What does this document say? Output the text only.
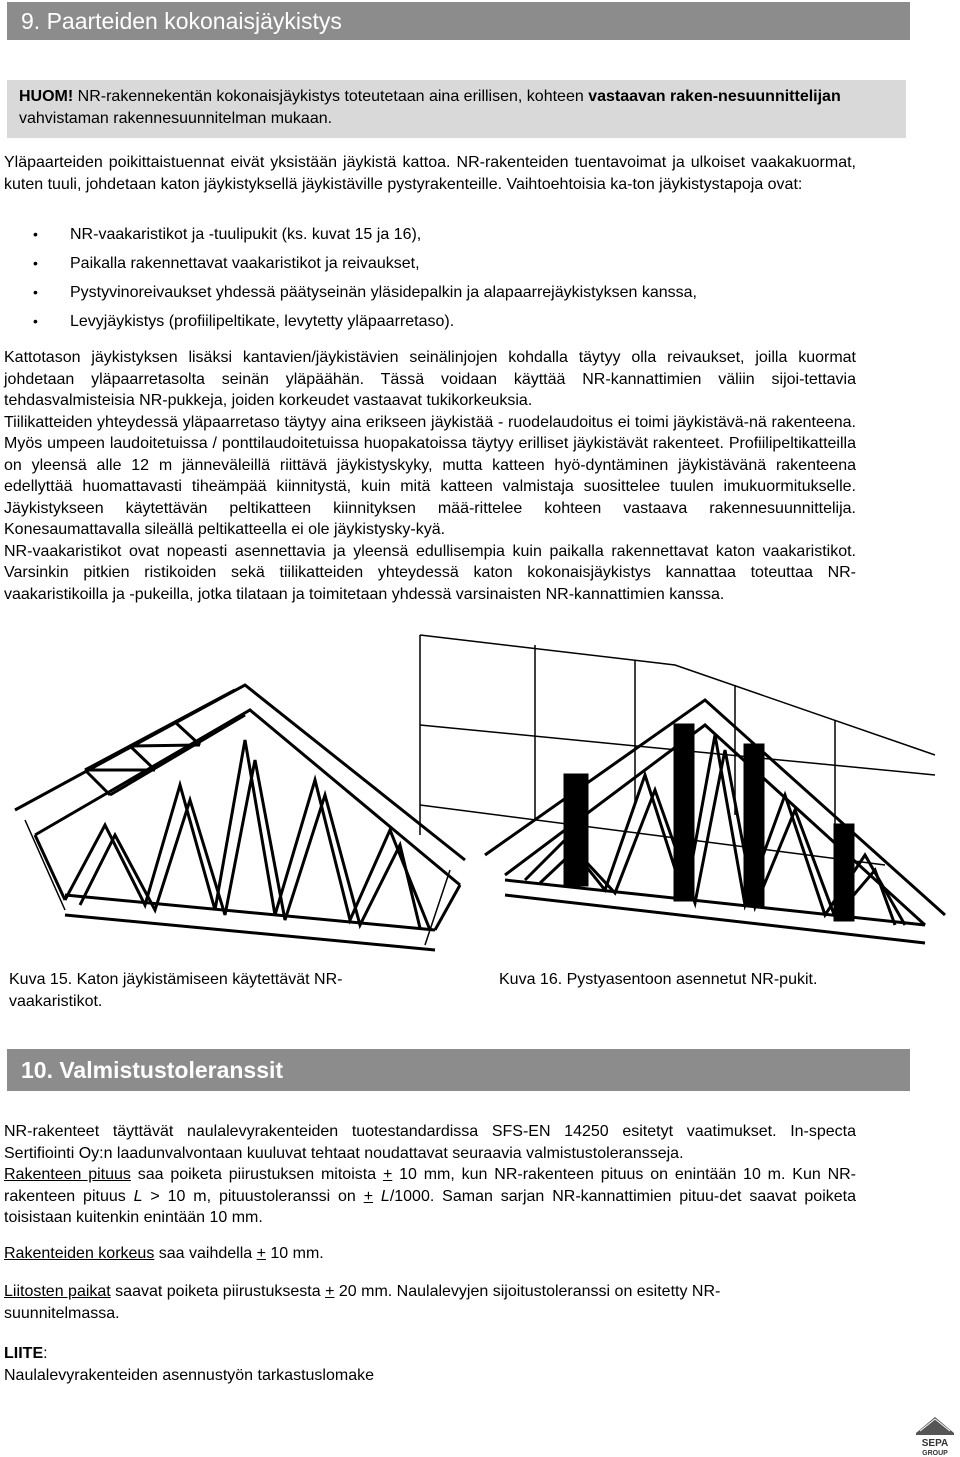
9. Paarteiden kokonaisjäykistys
HUOM! NR-rakennekentän kokonaisjäykistys toteutetaan aina erillisen, kohteen vastaavan raken-nesuunnittelijan vahvistaman rakennesuunnitelman mukaan.
Yläpaarteiden poikittaistuennat eivät yksistään jäykistä kattoa. NR-rakenteiden tuentavoimat ja ulkoiset vaakakuormat, kuten tuuli, johdetaan katon jäykistyksellä jäykistäville pystyrakenteille. Vaihtoehtoisia ka-ton jäykistystapoja ovat:
• NR-vaakaristikot ja -tuulipukit (ks. kuvat 15 ja 16),
• Paikalla rakennettavat vaakaristikot ja reivaukset,
• Pystyvinoreivaukset yhdessä päätyseinän yläsidepalkin ja alapaarrejäykistyksen kanssa,
• Levyjäykistys (profiilipeltikate, levytetty yläpaarretaso).

Kattotason jäykistyksen lisäksi kantavien/jäykistävien seinälinjojen kohdalla täytyy olla reivaukset, joilla kuormat johdetaan yläpaarretasolta seinän yläpäähän. Tässä voidaan käyttää NR-kannattimien väliin sijoi-tettavia tehdasvalmisteisia NR-pukkeja, joiden korkeudet vastaavat tukikorkeuksia.

Tiilikatteiden yhteydessä yläpaarretaso täytyy aina erikseen jäykistää - ruodelaudoitus ei toimi jäykistävä-nä rakenteena. Myös umpeen laudoitetuissa / ponttilaudoitetuissa huopakatoissa täytyy erilliset jäykistävät rakenteet. Profiilipeltikatteilla on yleensä alle 12 m jänneväleillä riittävä jäykistyskyky, mutta katteen hyö-dyntäminen jäykistävänä rakenteena edellyttää huomattavasti tiheämpää kiinnitystä, kuin mitä katteen valmistaja suosittelee tuulen imukuormitukselle. Jäykistykseen käytettävän peltikatteen kiinnityksen mää-rittelee kohteen vastaava rakennesuunnittelija. Konesaumattavalla sileällä peltikatteella ei ole jäykistysky-kyä.

NR-vaakaristikot ovat nopeasti asennettavia ja yleensä edullisempia kuin paikalla rakennettavat katon vaakaristikot. Varsinkin pitkien ristikoiden sekä tiilikatteiden yhteydessä katon kokonaisjäykistys kannattaa toteuttaa NR-vaakaristikoilla ja -pukeilla, jotka tilataan ja toimitetaan yhdessä varsinaisten NR-kannattimien kanssa.

Kuva 15. Katon jäykistämiseen käytettävät NR-vaakaristikot.
Kuva 16. Pystyasentoon asennetut NR-pukit.
10. Valmistustoleranssit

NR-rakenteet täyttävät naulalevyrakenteiden tuotestandardissa SFS-EN 14250 esitetyt vaatimukset. In-specta Sertifiointi Oy:n laadunvalvontaan kuuluvat tehtaat noudattavat seuraavia valmistustoleransseja.

Rakenteen pituus saa poiketa piirustuksen mitoista + 10 mm, kun NR-rakenteen pituus on enintään 10 m. Kun NR-rakenteen pituus L > 10 m, pituustoleranssi on + L/1000. Saman sarjan NR-kannattimien pituu-det saavat poiketa toisistaan kuitenkin enintään 10 mm.

Rakenteiden korkeus saa vaihdella + 10 mm.
Liitosten paikat saavat poiketa piirustuksesta + 20 mm. Naulalevyjen sijoitustoleranssi on esitetty NR-suunnitelmassa.
LIITE:
Naulalevyrakenteiden asennustyön tarkastuslomake
SEPA
GROUP
